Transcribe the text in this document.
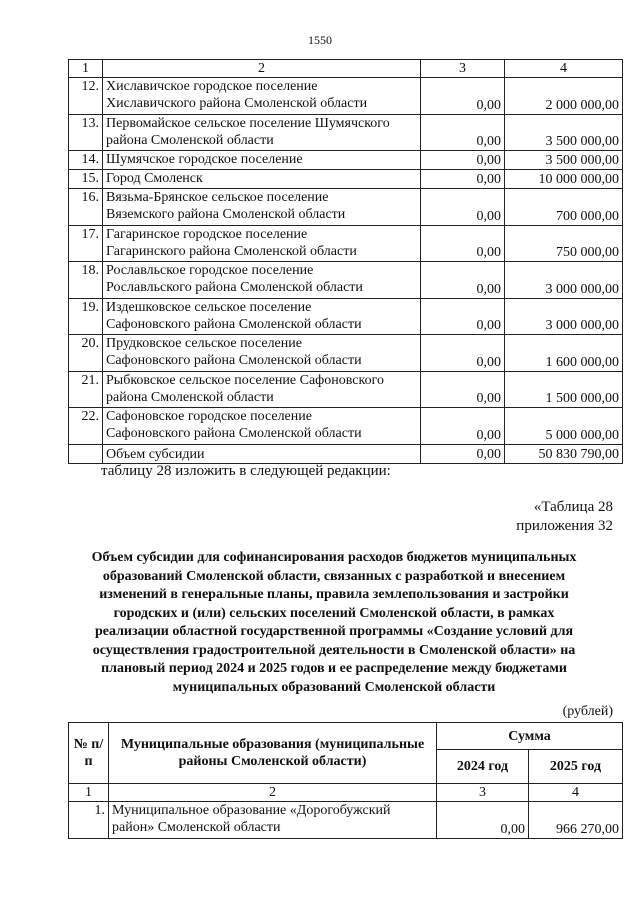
1550
1	2	3	4
12.	Хиславичское городское поселение
Хиславичского района Смоленской области	0,00	2 000 000,00
13.	Первомайское сельское поселение Шумячского
района Смоленской области	0,00	3 500 000,00
14.	Шумячское городское поселение	0,00	3 500 000,00
15.	Город Смоленск	0,00	10 000 000,00
16.	Вязьма-Брянское сельское поселение
Вяземского района Смоленской области	0,00	700 000,00
17.	Гагаринское городское поселение
Гагаринского района Смоленской области	0,00	750 000,00
18.	Рославльское городское поселение
Рославльского района Смоленской области	0,00	3 000 000,00
19.	Издешковское сельское поселение
Сафоновского района Смоленской области	0,00	3 000 000,00
20.	Прудковское сельское поселение
Сафоновского района Смоленской области	0,00	1 600 000,00
21.	Рыбковское сельское поселение Сафоновского
района Смоленской области	0,00	1 500 000,00
22.	Сафоновское городское поселение
Сафоновского района Смоленской области	0,00	5 000 000,00
	Объем субсидии	0,00	50 830 790,00
таблицу 28 изложить в следующей редакции:
«Таблица 28
приложения 32
Объем субсидии для софинансирования расходов бюджетов муниципальных
образований Смоленской области, связанных с разработкой и внесением
изменений в генеральные планы, правила землепользования и застройки
городских и (или) сельских поселений Смоленской области, в рамках
реализации областной государственной программы «Создание условий для
осуществления градостроительной деятельности в Смоленской области» на
плановый период 2024 и 2025 годов и ее распределение между бюджетами
муниципальных образований Смоленской области
(рублей)
№ п/п	Муниципальные образования (муниципальные районы Смоленской области)	Сумма	
		2024 год	2025 год
1	2	3	4
1.	Муниципальное образование «Дорогобужский
район» Смоленской области	0,00	966 270,00
